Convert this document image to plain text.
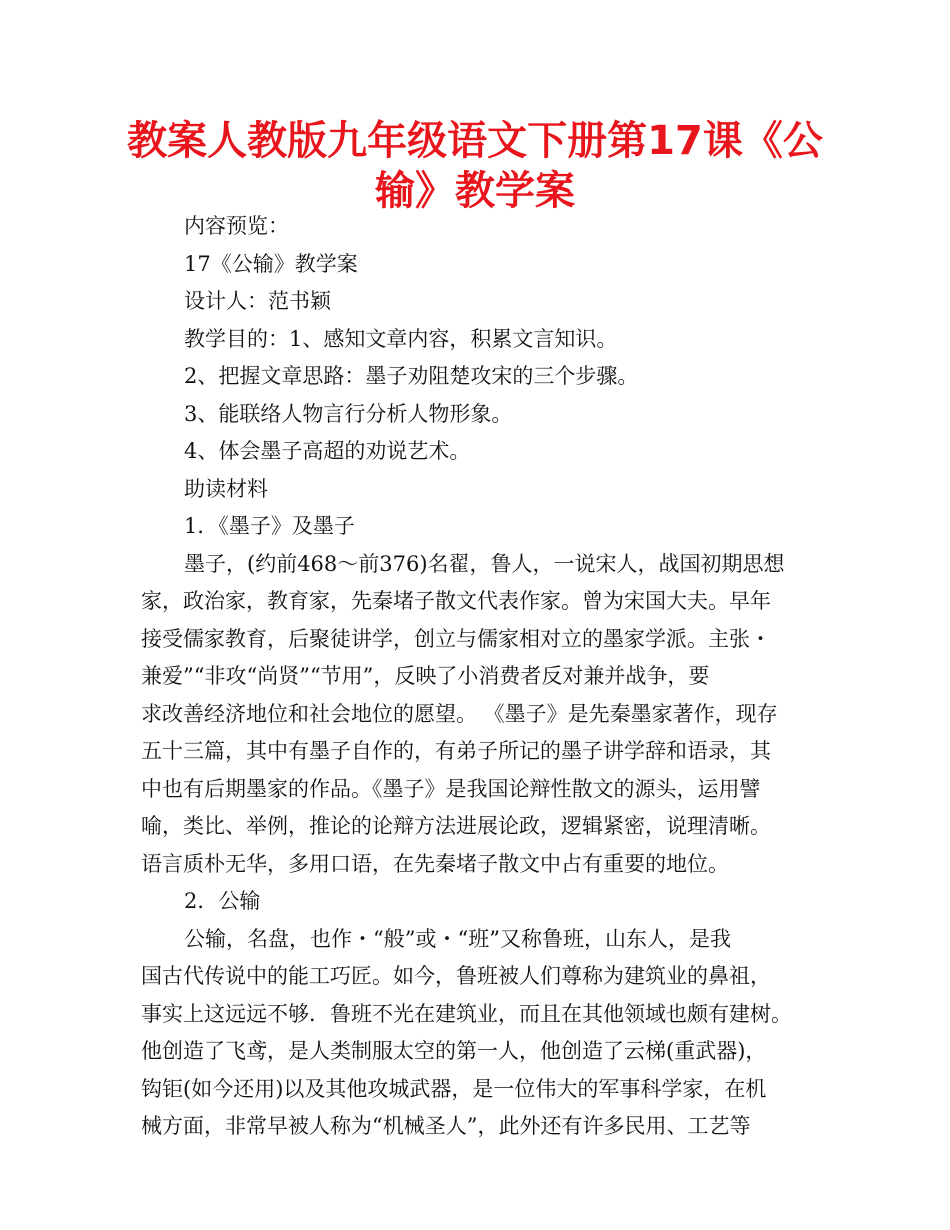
教案人教版九年级语文下册第17课《公
输》教学案

内容预览：

17《公输》教学案

设计人：范书颖

教学目的：1、感知文章内容，积累文言知识。

2、把握文章思路：墨子劝阻楚攻宋的三个步骤。

3、能联络人物言行分析人物形象。

4、体会墨子高超的劝说艺术。

助读材料

1．《墨子》及墨子

墨子，(约前468～前376)名翟，鲁人，一说宋人，战国初期思想
家，政治家，教育家，先秦堵子散文代表作家。曾为宋国大夫。早年
接受儒家教育，后聚徒讲学，创立与儒家相对立的墨家学派。主张・
兼爱”“非攻“尚贤”“节用”，反映了小消费者反对兼并战争，要
求改善经济地位和社会地位的愿望。 《墨子》是先秦墨家著作，现存
五十三篇，其中有墨子自作的，有弟子所记的墨子讲学辞和语录，其
中也有后期墨家的作品。《墨子》是我国论辩性散文的源头，运用譬
喻，类比、举例，推论的论辩方法进展论政，逻辑紧密，说理清晰。
语言质朴无华，多用口语，在先秦堵子散文中占有重要的地位。

2．公输

公输，名盘，也作・“般”或・“班”又称鲁班，山东人，是我
国古代传说中的能工巧匠。如今，鲁班被人们尊称为建筑业的鼻祖，
事实上这远远不够．鲁班不光在建筑业，而且在其他领域也颇有建树。
他创造了飞鸢，是人类制服太空的第一人，他创造了云梯(重武器)，
钩钜(如今还用)以及其他攻城武器，是一位伟大的军事科学家，在机
械方面，非常早被人称为“机械圣人”，此外还有许多民用、工艺等
